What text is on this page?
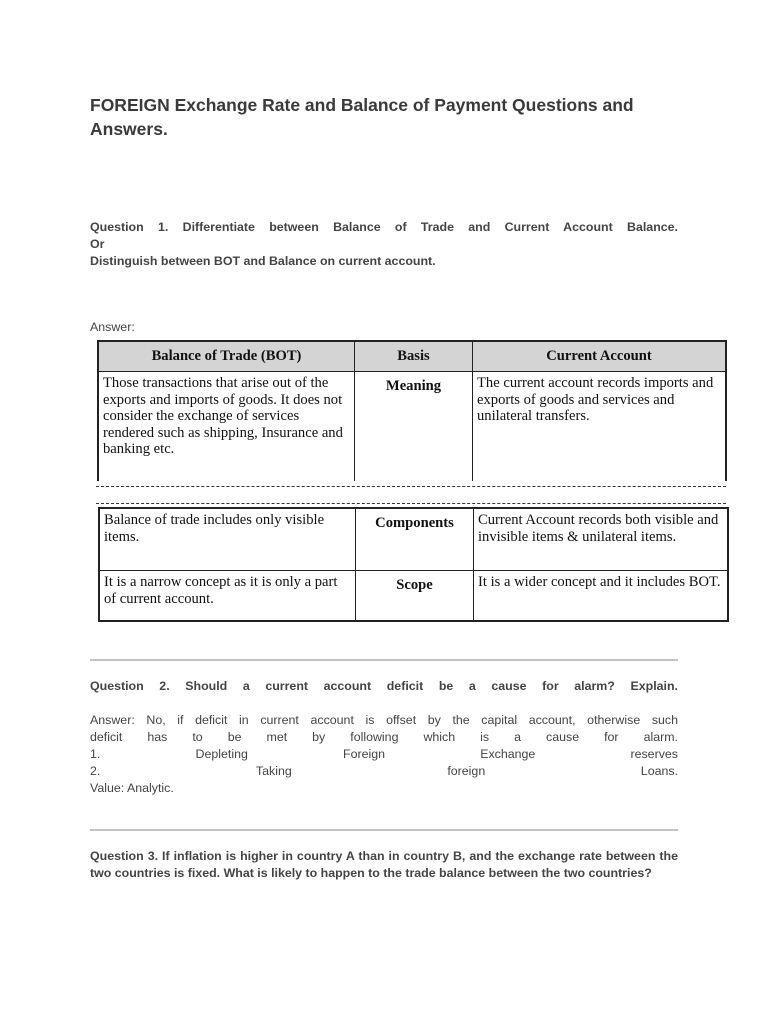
FOREIGN Exchange Rate and Balance of Payment Questions and Answers.
Question 1. Differentiate between Balance of Trade and Current Account Balance.
Or
Distinguish between BOT and Balance on current account.
Answer:
Balance of Trade (BOT)	Basis	Current Account
Those transactions that arise out of the exports and imports of goods. It does not consider the exchange of services rendered such as shipping, Insurance and banking etc.	Meaning	The current account records imports and exports of goods and services and unilateral transfers.
Balance of trade includes only visible items.	Components	Current Account records both visible and invisible items & unilateral items.
It is a narrow concept as it is only a part of current account.	Scope	It is a wider concept and it includes BOT.
Question 2. Should a current account deficit be a cause for alarm? Explain.
Answer: No, if deficit in current account is offset by the capital account, otherwise such
deficit has to be met by following which is a cause for alarm.
1.	Depleting	Foreign	Exchange	reserves
2.	Taking	foreign	Loans.
Value: Analytic.
Question 3. If inflation is higher in country A than in country B, and the exchange rate between the two countries is fixed. What is likely to happen to the trade balance between the two countries?
